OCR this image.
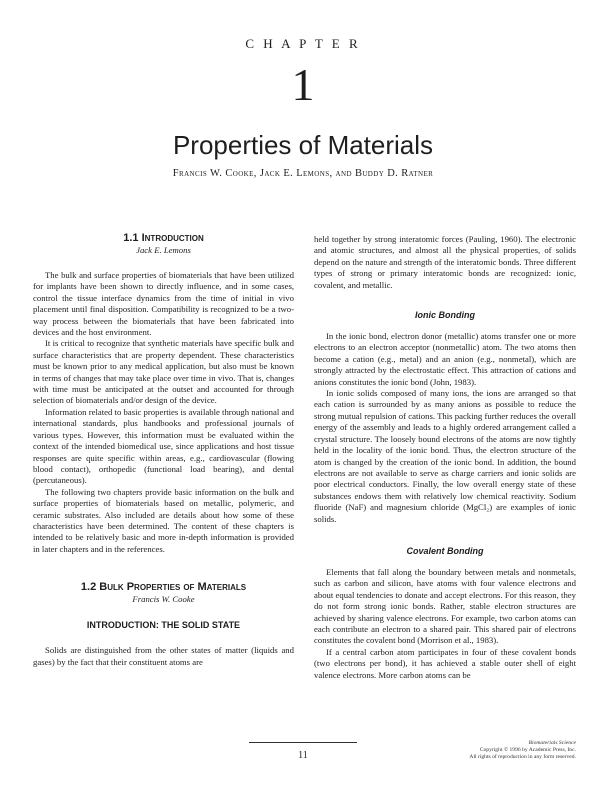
C H A P T E R
1
Properties of Materials
Francis W. Cooke, Jack E. Lemons, and Buddy D. Ratner
1.1 Introduction
Jack E. Lemons

The bulk and surface properties of biomaterials that have been utilized for implants have been shown to directly influence, and in some cases, control the tissue interface dynamics from the time of initial in vivo placement until final disposition. Compatibility is recognized to be a two-way process between the biomaterials that have been fabricated into devices and the host environment.

It is critical to recognize that synthetic materials have specific bulk and surface characteristics that are property dependent. These characteristics must be known prior to any medical application, but also must be known in terms of changes that may take place over time in vivo. That is, changes with time must be anticipated at the outset and accounted for through selection of biomaterials and/or design of the device.

Information related to basic properties is available through national and international standards, plus handbooks and professional journals of various types. However, this information must be evaluated within the context of the intended biomedical use, since applications and host tissue responses are quite specific within areas, e.g., cardiovascular (flowing blood contact), orthopedic (functional load bearing), and dental (percutaneous).

The following two chapters provide basic information on the bulk and surface properties of biomaterials based on metallic, polymeric, and ceramic substrates. Also included are details about how some of these characteristics have been determined. The content of these chapters is intended to be relatively basic and more in-depth information is provided in later chapters and in the references.

1.2 Bulk Properties of Materials
Francis W. Cooke
INTRODUCTION: THE SOLID STATE

Solids are distinguished from the other states of matter (liquids and gases) by the fact that their constituent atoms are

held together by strong interatomic forces (Pauling, 1960). The electronic and atomic structures, and almost all the physical properties, of solids depend on the nature and strength of the interatomic bonds. Three different types of strong or primary interatomic bonds are recognized: ionic, covalent, and metallic.

Ionic Bonding

In the ionic bond, electron donor (metallic) atoms transfer one or more electrons to an electron acceptor (nonmetallic) atom. The two atoms then become a cation (e.g., metal) and an anion (e.g., nonmetal), which are strongly attracted by the electrostatic effect. This attraction of cations and anions constitutes the ionic bond (John, 1983).

In ionic solids composed of many ions, the ions are arranged so that each cation is surrounded by as many anions as possible to reduce the strong mutual repulsion of cations. This packing further reduces the overall energy of the assembly and leads to a highly ordered arrangement called a crystal structure. The loosely bound electrons of the atoms are now tightly held in the locality of the ionic bond. Thus, the electron structure of the atom is changed by the creation of the ionic bond. In addition, the bound electrons are not available to serve as charge carriers and ionic solids are poor electrical conductors. Finally, the low overall energy state of these substances endows them with relatively low chemical reactivity. Sodium fluoride (NaF) and magnesium chloride (MgCl₂) are examples of ionic solids.

Covalent Bonding

Elements that fall along the boundary between metals and nonmetals, such as carbon and silicon, have atoms with four valence electrons and about equal tendencies to donate and accept electrons. For this reason, they do not form strong ionic bonds. Rather, stable electron structures are achieved by sharing valence electrons. For example, two carbon atoms can each contribute an electron to a shared pair. This shared pair of electrons constitutes the covalent bond (Morrison et al., 1983).

If a central carbon atom participates in four of these covalent bonds (two electrons per bond), it has achieved a stable outer shell of eight valence electrons. More carbon atoms can be

11
Biomaterials Science
Copyright © 1996 by Academic Press, Inc.
All rights of reproduction in any form reserved.
